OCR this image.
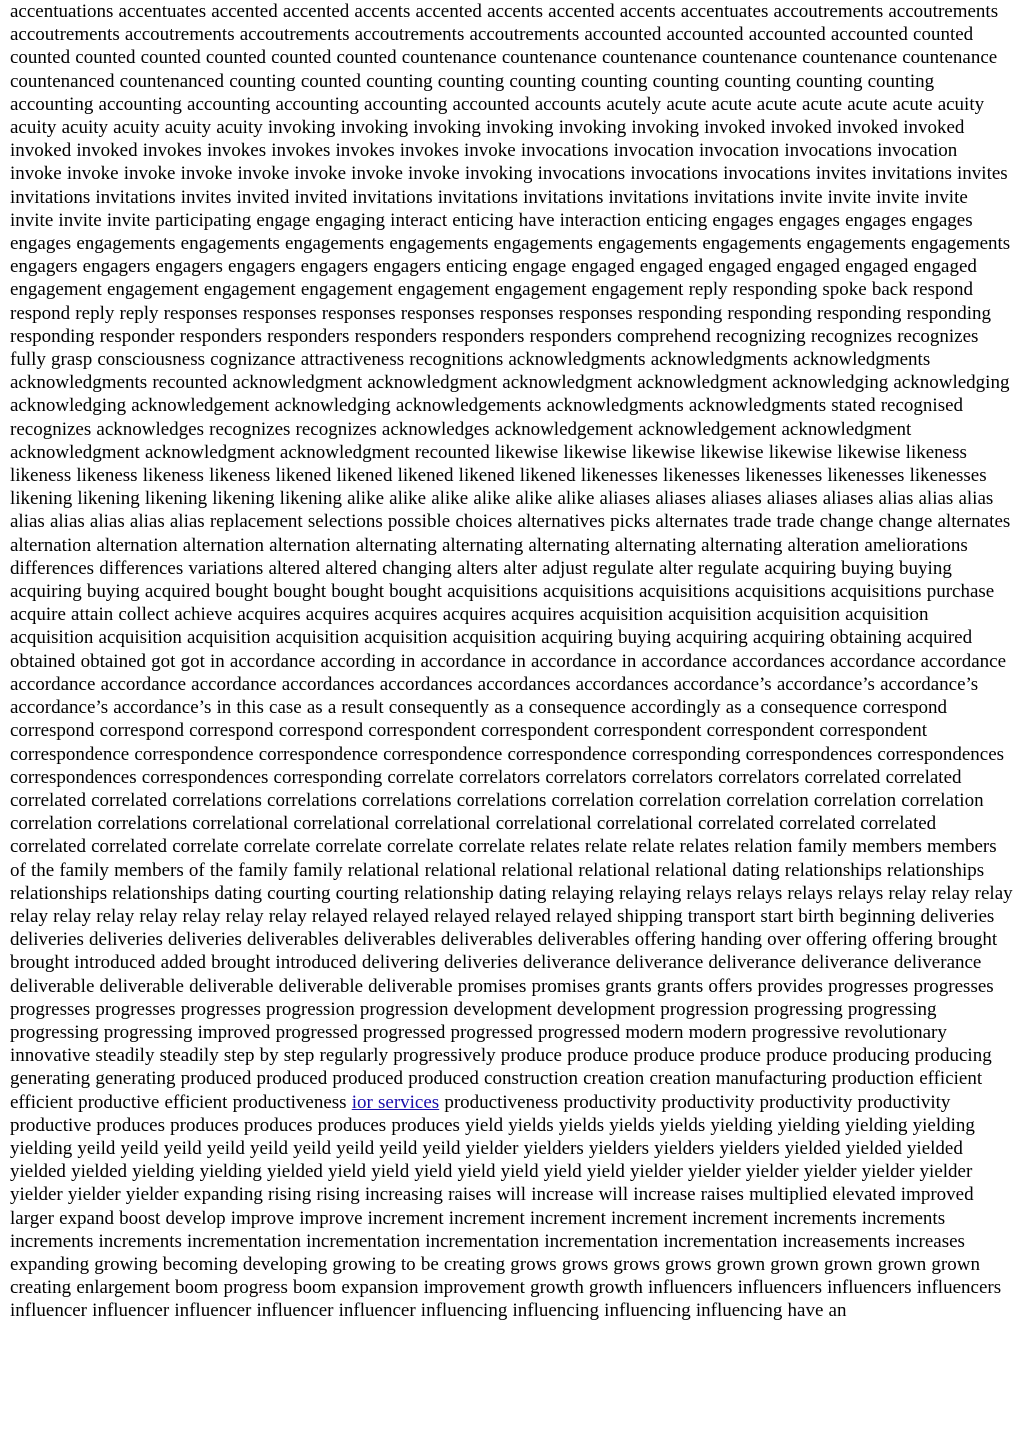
accentuations accentuates accented accented accents accented accents accented accents accentuates accoutrements accoutrements accoutrements accoutrements accoutrements accoutrements accoutrements accounted accounted accounted accounted counted counted counted counted counted counted counted countenance countenance countenance countenance countenance countenance countenanced countenanced counting counted counting counting counting counting counting counting counting counting accounting accounting accounting accounting accounting accounted accounts acutely acute acute acute acute acute acute acuity acuity acuity acuity acuity acuity invoking invoking invoking invoking invoking invoking invoked invoked invoked invoked invoked invoked invokes invokes invokes invokes invokes invoke invocations invocation invocation invocations invocation invoke invoke invoke invoke invoke invoke invoke invoke invoking invocations invocations invocations invites invitations invites invitations invitations invites invited invited invitations invitations invitations invitations invitations invite invite invite invite invite invite invite participating engage engaging interact enticing have interaction enticing engages engages engages engages engages engagements engagements engagements engagements engagements engagements engagements engagements engagements engagers engagers engagers engagers engagers engagers enticing engage engaged engaged engaged engaged engaged engaged engagement engagement engagement engagement engagement engagement engagement reply responding spoke back respond respond reply reply responses responses responses responses responses responses responding responding responding responding responding responder responders responders responders responders responders comprehend recognizing recognizes recognizes fully grasp consciousness cognizance attractiveness recognitions acknowledgments acknowledgments acknowledgments acknowledgments recounted acknowledgment acknowledgment acknowledgment acknowledgment acknowledging acknowledging acknowledging acknowledgement acknowledging acknowledgements acknowledgments acknowledgments stated recognised recognizes acknowledges recognizes recognizes acknowledges acknowledgement acknowledgement acknowledgment acknowledgment acknowledgment acknowledgment recounted likewise likewise likewise likewise likewise likewise likeness likeness likeness likeness likeness likened likened likened likened likened likenesses likenesses likenesses likenesses likenesses likening likening likening likening likening alike alike alike alike alike alike aliases aliases aliases aliases aliases alias alias alias alias alias alias alias alias replacement selections possible choices alternatives picks alternates trade trade change change alternates alternation alternation alternation alternation alternating alternating alternating alternating alternating alteration ameliorations differences differences variations altered altered changing alters alter adjust regulate alter regulate acquiring buying buying acquiring buying acquired bought bought bought bought acquisitions acquisitions acquisitions acquisitions acquisitions purchase acquire attain collect achieve acquires acquires acquires acquires acquires acquisition acquisition acquisition acquisition acquisition acquisition acquisition acquisition acquisition acquisition acquiring buying acquiring acquiring obtaining acquired obtained obtained got got in accordance according in accordance in accordance in accordance accordances accordance accordance accordance accordance accordance accordances accordances accordances accordances accordance’s accordance’s accordance’s accordance’s accordance’s in this case as a result consequently as a consequence accordingly as a consequence correspond correspond correspond correspond correspond correspondent correspondent correspondent correspondent correspondent correspondence correspondence correspondence correspondence correspondence corresponding correspondences correspondences correspondences correspondences corresponding correlate correlators correlators correlators correlators correlated correlated correlated correlated correlations correlations correlations correlations correlation correlation correlation correlation correlation correlation correlations correlational correlational correlational correlational correlational correlated correlated correlated correlated correlated correlate correlate correlate correlate correlate relates relate relate relates relation family members members of the family members of the family family relational relational relational relational relational dating relationships relationships relationships relationships dating courting courting relationship dating relaying relaying relays relays relays relays relay relay relay relay relay relay relay relay relay relay relayed relayed relayed relayed relayed shipping transport start birth beginning deliveries deliveries deliveries deliveries deliverables deliverables deliverables deliverables offering handing over offering offering brought brought introduced added brought introduced delivering deliveries deliverance deliverance deliverance deliverance deliverance deliverable deliverable deliverable deliverable deliverable promises promises grants grants offers provides progresses progresses progresses progresses progresses progression progression development development progression progressing progressing progressing progressing improved progressed progressed progressed progressed modern modern progressive revolutionary innovative steadily steadily step by step regularly progressively produce produce produce produce produce producing producing generating generating produced produced produced produced construction creation creation manufacturing production efficient efficient productive efficient productiveness ior services productiveness productivity productivity productivity productivity productive produces produces produces produces produces yield yields yields yields yields yielding yielding yielding yielding yielding yeild yeild yeild yeild yeild yeild yeild yeild yeild yielder yielders yielders yielders yielders yielded yielded yielded yielded yielded yielding yielding yielded yield yield yield yield yield yield yield yielder yielder yielder yielder yielder yielder yielder yielder yielder expanding rising rising increasing raises will increase will increase raises multiplied elevated improved larger expand boost develop improve improve increment increment increment increment increment increments increments increments increments incrementation incrementation incrementation incrementation incrementation increasements increases expanding growing becoming developing growing to be creating grows grows grows grows grown grown grown grown grown creating enlargement boom progress boom expansion improvement growth growth influencers influencers influencers influencers influencer influencer influencer influencer influencer influencing influencing influencing influencing have an
